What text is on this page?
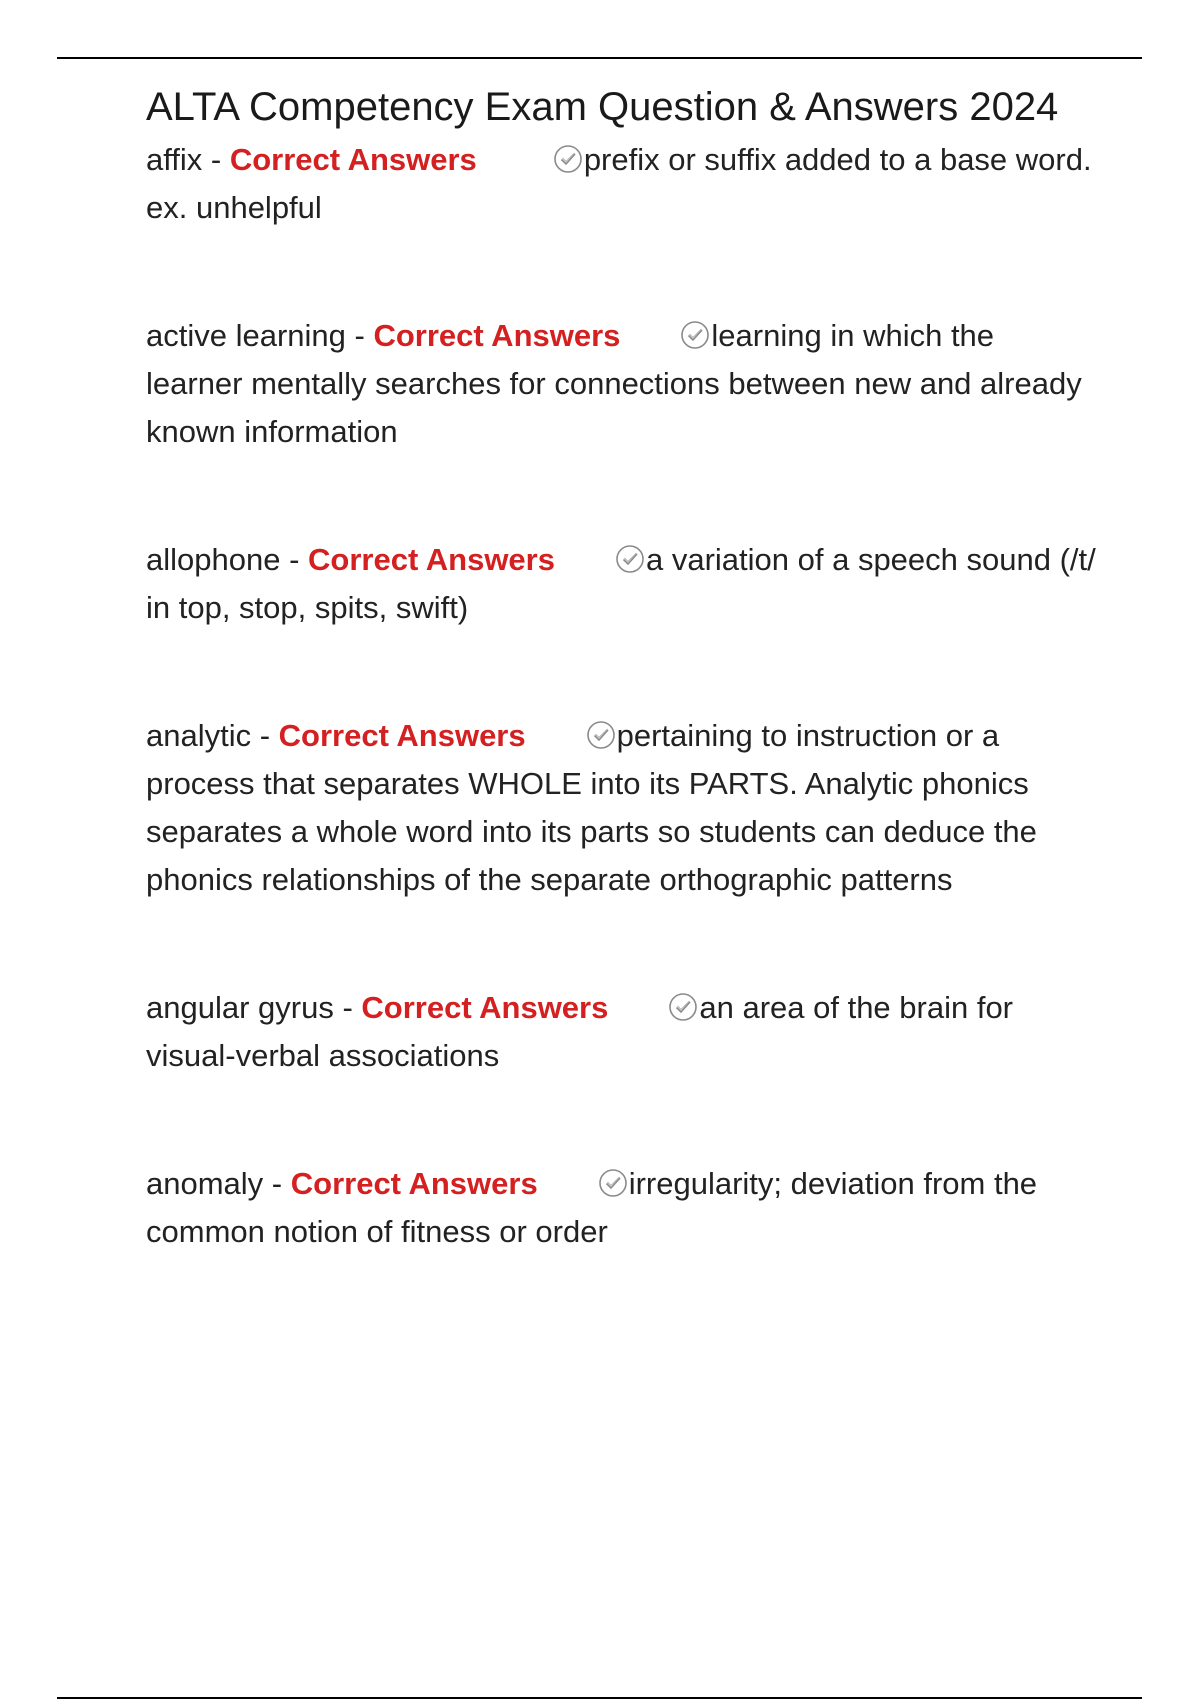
ALTA Competency Exam Question & Answers 2024
affix - Correct Answers	prefix or suffix added to a base word. ex. unhelpful
active learning - Correct Answers	learning in which the learner mentally searches for connections between new and already known information
allophone - Correct Answers	a variation of a speech sound (/t/ in top, stop, spits, swift)
analytic - Correct Answers	pertaining to instruction or a process that separates WHOLE into its PARTS. Analytic phonics separates a whole word into its parts so students can deduce the phonics relationships of the separate orthographic patterns
angular gyrus - Correct Answers	an area of the brain for visual-verbal associations
anomaly - Correct Answers	irregularity; deviation from the common notion of fitness or order
